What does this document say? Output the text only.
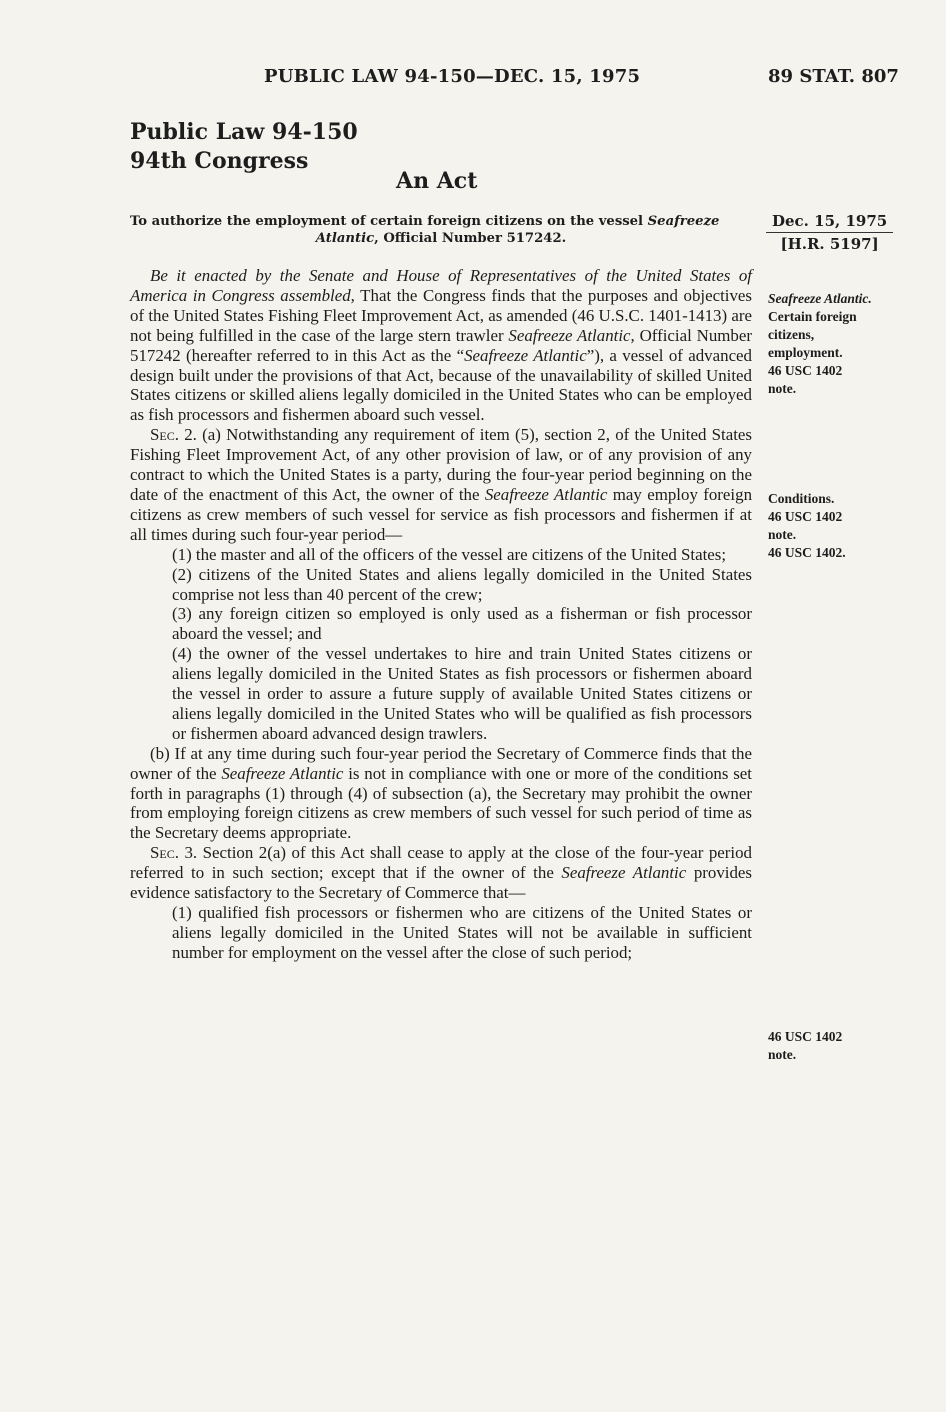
PUBLIC LAW 94-150—DEC. 15, 1975	89 STAT. 807
Public Law 94-150
94th Congress
An Act
To authorize the employment of certain foreign citizens on the vessel Seafreeze
Atlantic, Official Number 517242.
Dec. 15, 1975
[H.R. 5197]

Be it enacted by the Senate and House of Representatives of the United States of America in Congress assembled, That the Congress finds that the purposes and objectives of the United States Fishing Fleet Improvement Act, as amended (46 U.S.C. 1401-1413) are not being fulfilled in the case of the large stern trawler Seafreeze Atlantic, Official Number 517242 (hereafter referred to in this Act as the “Seafreeze Atlantic”), a vessel of advanced design built under the provisions of that Act, because of the unavailability of skilled United States citizens or skilled aliens legally domiciled in the United States who can be employed as fish processors and fishermen aboard such vessel.

Sec. 2. (a) Notwithstanding any requirement of item (5), section 2, of the United States Fishing Fleet Improvement Act, of any other provision of law, or of any provision of any contract to which the United States is a party, during the four-year period beginning on the date of the enactment of this Act, the owner of the Seafreeze Atlantic may employ foreign citizens as crew members of such vessel for service as fish processors and fishermen if at all times during such four-year period—

(1) the master and all of the officers of the vessel are citizens of the United States;

(2) citizens of the United States and aliens legally domiciled in the United States comprise not less than 40 percent of the crew;

(3) any foreign citizen so employed is only used as a fisherman or fish processor aboard the vessel; and

(4) the owner of the vessel undertakes to hire and train United States citizens or aliens legally domiciled in the United States as fish processors or fishermen aboard the vessel in order to assure a future supply of available United States citizens or aliens legally domiciled in the United States who will be qualified as fish processors or fishermen aboard advanced design trawlers.

(b) If at any time during such four-year period the Secretary of Commerce finds that the owner of the Seafreeze Atlantic is not in compliance with one or more of the conditions set forth in paragraphs (1) through (4) of subsection (a), the Secretary may prohibit the owner from employing foreign citizens as crew members of such vessel for such period of time as the Secretary deems appropriate.

Sec. 3. Section 2(a) of this Act shall cease to apply at the close of the four-year period referred to in such section; except that if the owner of the Seafreeze Atlantic provides evidence satisfactory to the Secretary of Commerce that—

(1) qualified fish processors or fishermen who are citizens of the United States or aliens legally domiciled in the United States will not be available in sufficient number for employment on the vessel after the close of such period;

Seafreeze Atlantic.
Certain foreign
citizens,
employment.
46 USC 1402
note.
Conditions.
46 USC 1402
note.
46 USC 1402.
46 USC 1402
note.
